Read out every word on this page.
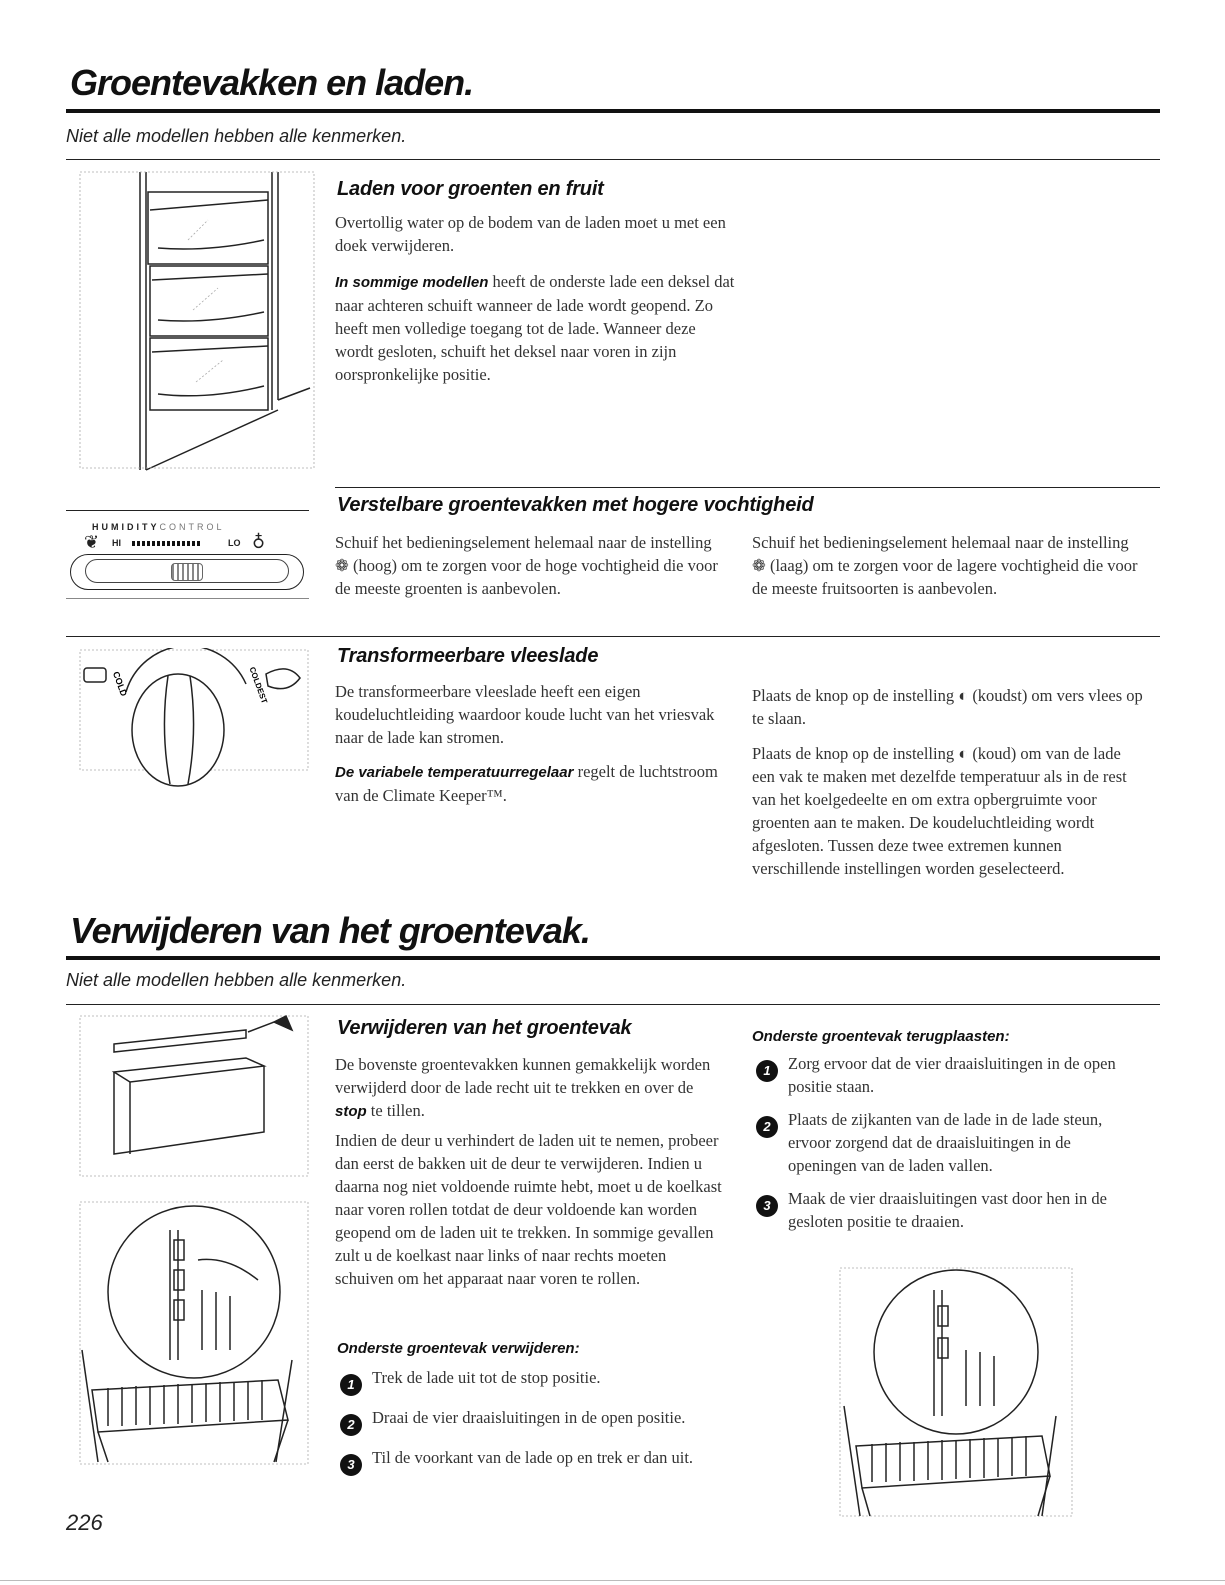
Groentevakken en laden.

Niet alle modellen hebben alle kenmerken.

Laden voor groenten en fruit

Overtollig water op de bodem van de laden moet u met een doek verwijderen.

In sommige modellen heeft de onderste lade een deksel dat naar achteren schuift wanneer de lade wordt geopend. Zo heeft men volledige toegang tot de lade. Wanneer deze wordt gesloten, schuift het deksel naar voren in zijn oorspronkelijke positie.

HUMIDITYCONTROL
❦ HI	LO ♁
Verstelbare groentevakken met hogere vochtigheid

Schuif het bedieningselement helemaal naar de instelling ❁ (hoog) om te zorgen voor de hoge vochtigheid die voor de meeste groenten is aanbevolen.

Schuif het bedieningselement helemaal naar de instelling ❁ (laag) om te zorgen voor de lagere vochtigheid die voor de meeste fruitsoorten is aanbevolen.

COLD	COLDEST
Transformeerbare vleeslade

De transformeerbare vleeslade heeft een eigen koudeluchtleiding waardoor koude lucht van het vriesvak naar de lade kan stromen.

De variabele temperatuurregelaar regelt de luchtstroom van de Climate Keeper™.

Plaats de knop op de instelling ◐ (koudst) om vers vlees op te slaan.

Plaats de knop op de instelling ◐ (koud) om van de lade een vak te maken met dezelfde temperatuur als in de rest van het koelgedeelte en om extra opbergruimte voor groenten aan te maken. De koudeluchtleiding wordt afgesloten. Tussen deze twee extremen kunnen verschillende instellingen worden geselecteerd.

Verwijderen van het groentevak.

Niet alle modellen hebben alle kenmerken.

Verwijderen van het groentevak

De bovenste groentevakken kunnen gemakkelijk worden verwijderd door de lade recht uit te trekken en over de stop te tillen.

Indien de deur u verhindert de laden uit te nemen, probeer dan eerst de bakken uit de deur te verwijderen. Indien u daarna nog niet voldoende ruimte hebt, moet u de koelkast naar voren rollen totdat de deur voldoende kan worden geopend om de laden uit te trekken. In sommige gevallen zult u de koelkast naar links of naar rechts moeten schuiven om het apparaat naar voren te rollen.

Onderste groentevak verwijderen:
1	Trek de lade uit tot de stop positie.

2	Draai de vier draaisluitingen in de open positie.

3	Til de voorkant van de lade op en trek er dan uit.

Onderste groentevak terugplaasten:
1	Zorg ervoor dat de vier draaisluitingen in de open positie staan.

2	Plaats de zijkanten van de lade in de lade steun, ervoor zorgend dat de draaisluitingen in de openingen van de laden vallen.

3	Maak de vier draaisluitingen vast door hen in de gesloten positie te draaien.

226
